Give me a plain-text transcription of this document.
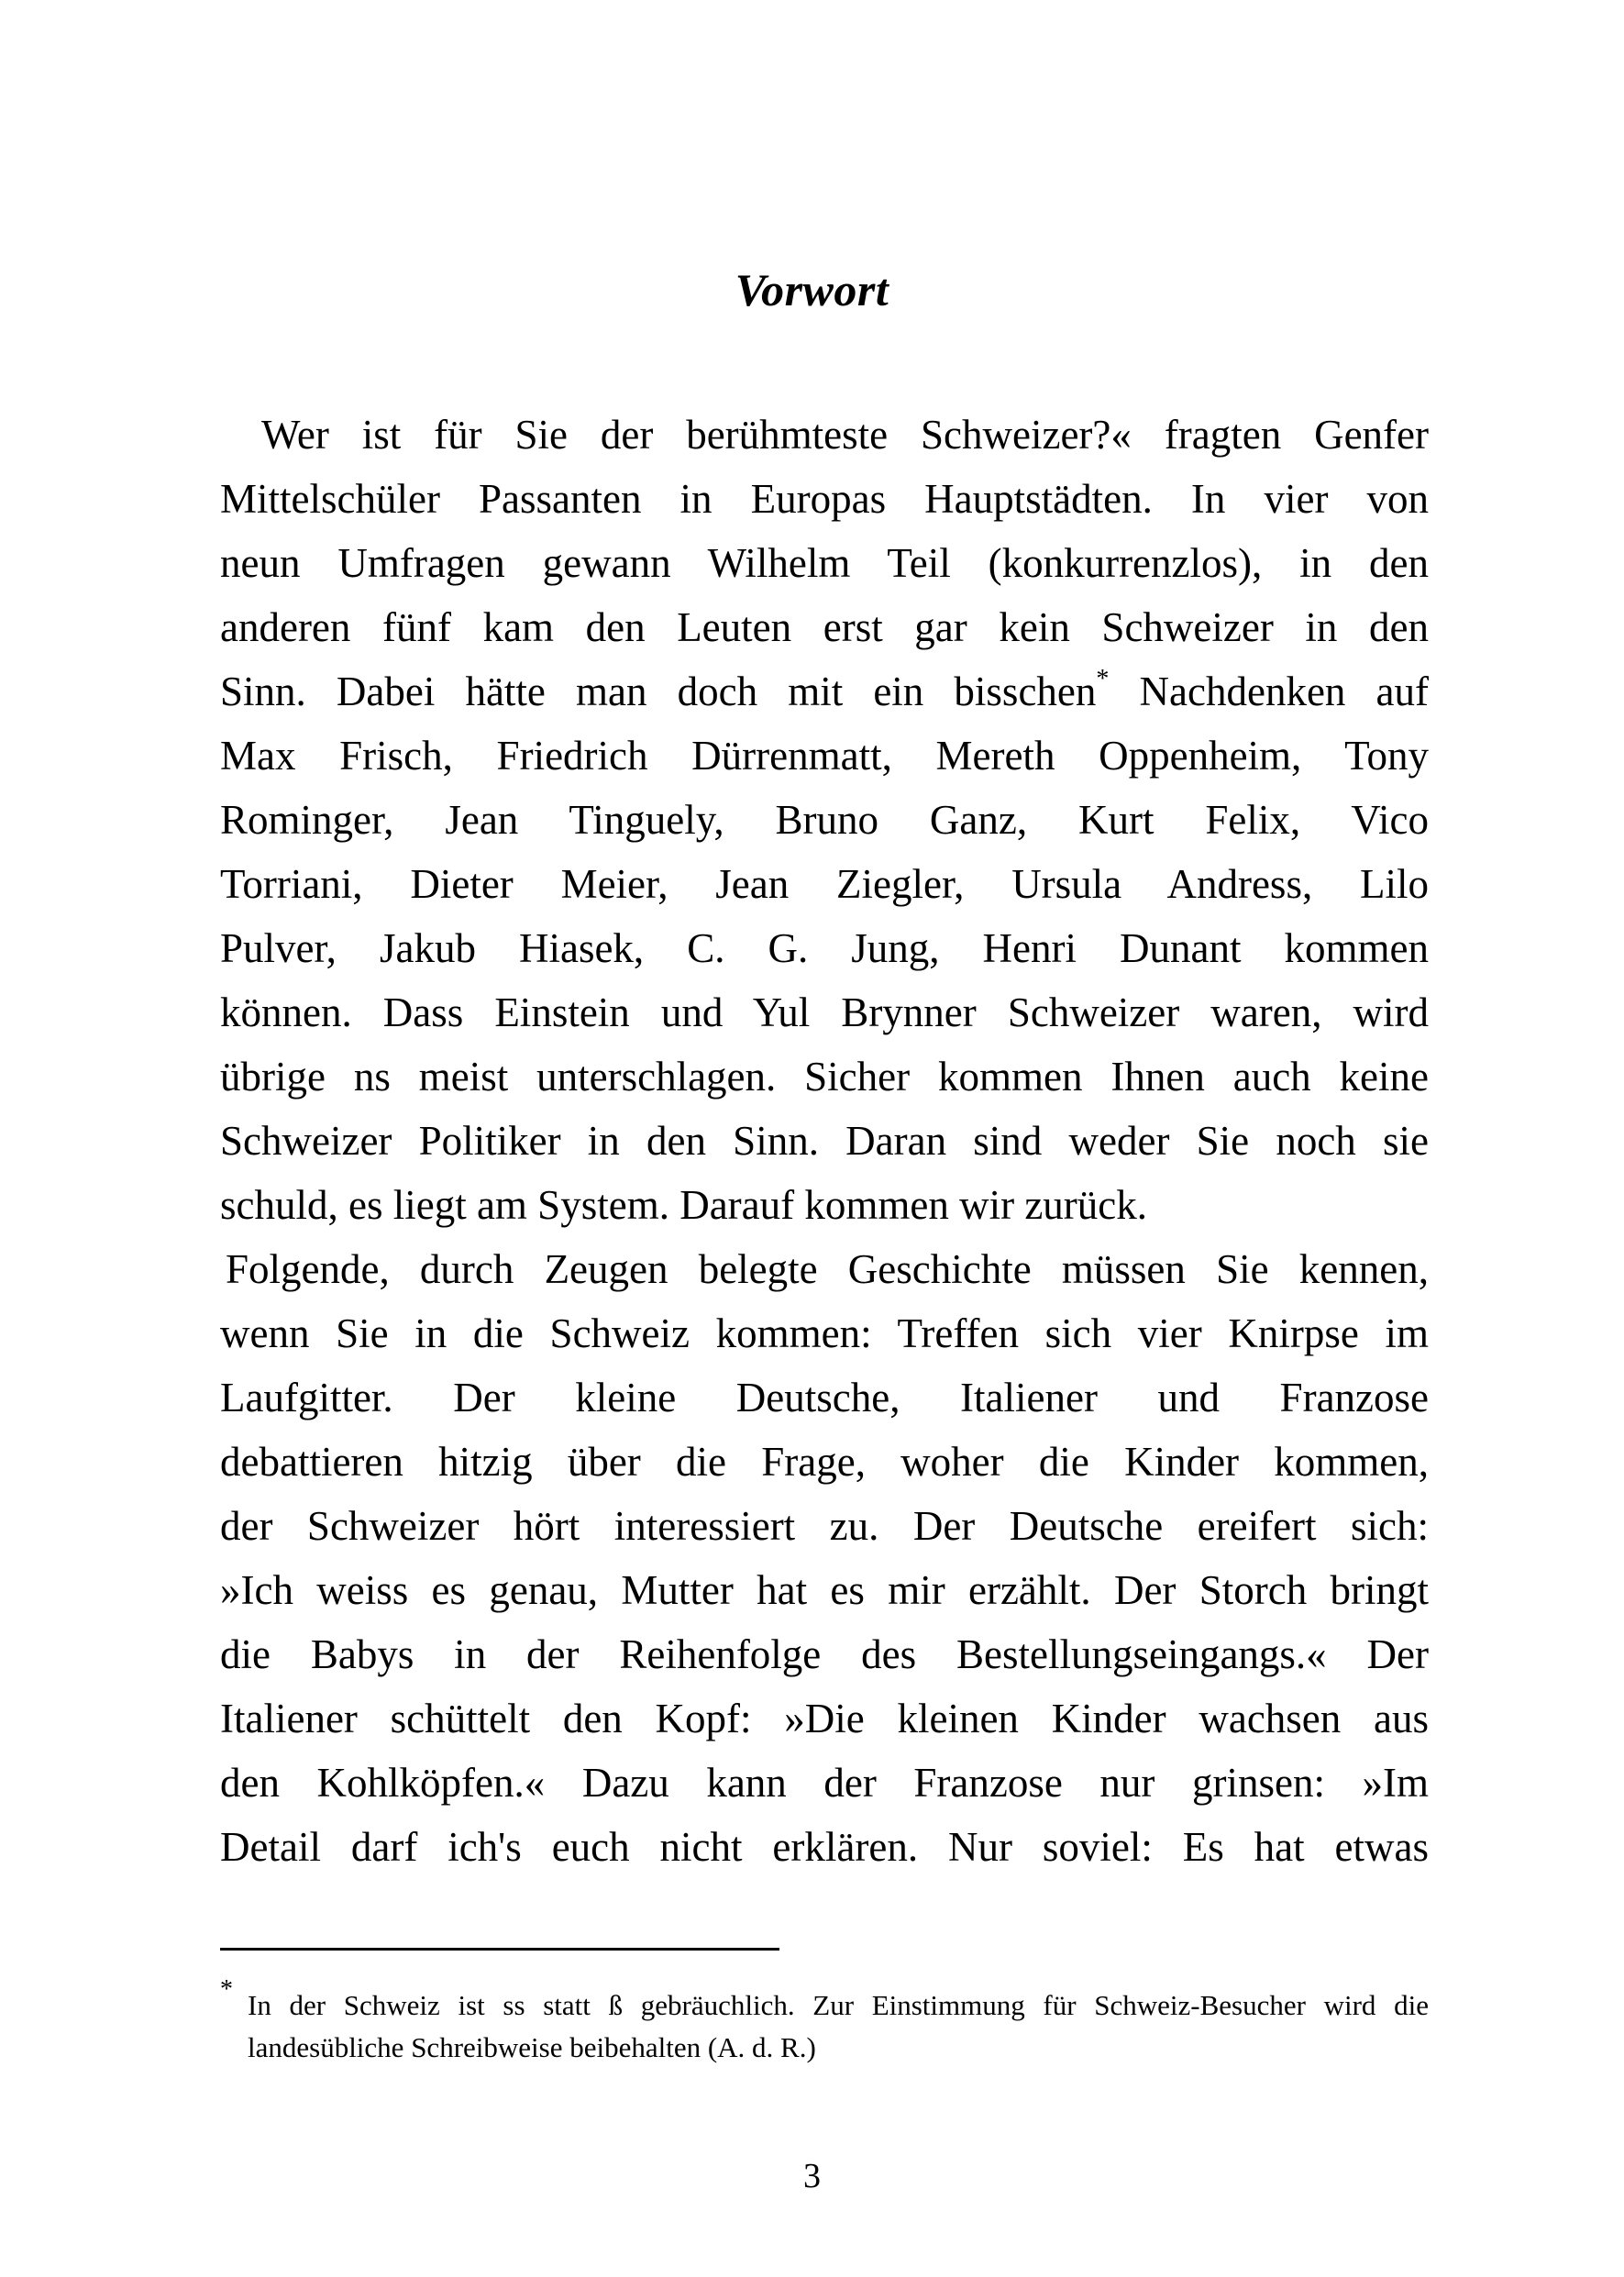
Vorwort
Wer ist für Sie der berühmteste Schweizer?« fragten Genfer
Mittelschüler Passanten in Europas Hauptstädten. In vier von
neun Umfragen gewann Wilhelm Teil (konkurrenzlos), in den
anderen fünf kam den Leuten erst gar kein Schweizer in den
Sinn. Dabei hätte man doch mit ein bisschen* Nachdenken auf
Max Frisch, Friedrich Dürrenmatt, Mereth Oppenheim, Tony
Rominger, Jean Tinguely, Bruno Ganz, Kurt Felix, Vico
Torriani, Dieter Meier, Jean Ziegler, Ursula Andress, Lilo
Pulver, Jakub Hiasek, C. G. Jung, Henri Dunant kommen
können. Dass Einstein und Yul Brynner Schweizer waren, wird
übrige ns meist unterschlagen. Sicher kommen Ihnen auch keine
Schweizer Politiker in den Sinn. Daran sind weder Sie noch sie
schuld, es liegt am System. Darauf kommen wir zurück.
Folgende, durch Zeugen belegte Geschichte müssen Sie kennen,
wenn Sie in die Schweiz kommen: Treffen sich vier Knirpse im
Laufgitter. Der kleine Deutsche, Italiener und Franzose
debattieren hitzig über die Frage, woher die Kinder kommen,
der Schweizer hört interessiert zu. Der Deutsche ereifert sich:
»Ich weiss es genau, Mutter hat es mir erzählt. Der Storch bringt
die Babys in der Reihenfolge des Bestellungseingangs.« Der
Italiener schüttelt den Kopf: »Die kleinen Kinder wachsen aus
den Kohlköpfen.« Dazu kann der Franzose nur grinsen: »Im
Detail darf ich's euch nicht erklären. Nur soviel: Es hat etwas
* In der Schweiz ist ss statt ß gebräuchlich. Zur Einstimmung für Schweiz-Besucher wird die
landesübliche Schreibweise beibehalten (A. d. R.)
3
